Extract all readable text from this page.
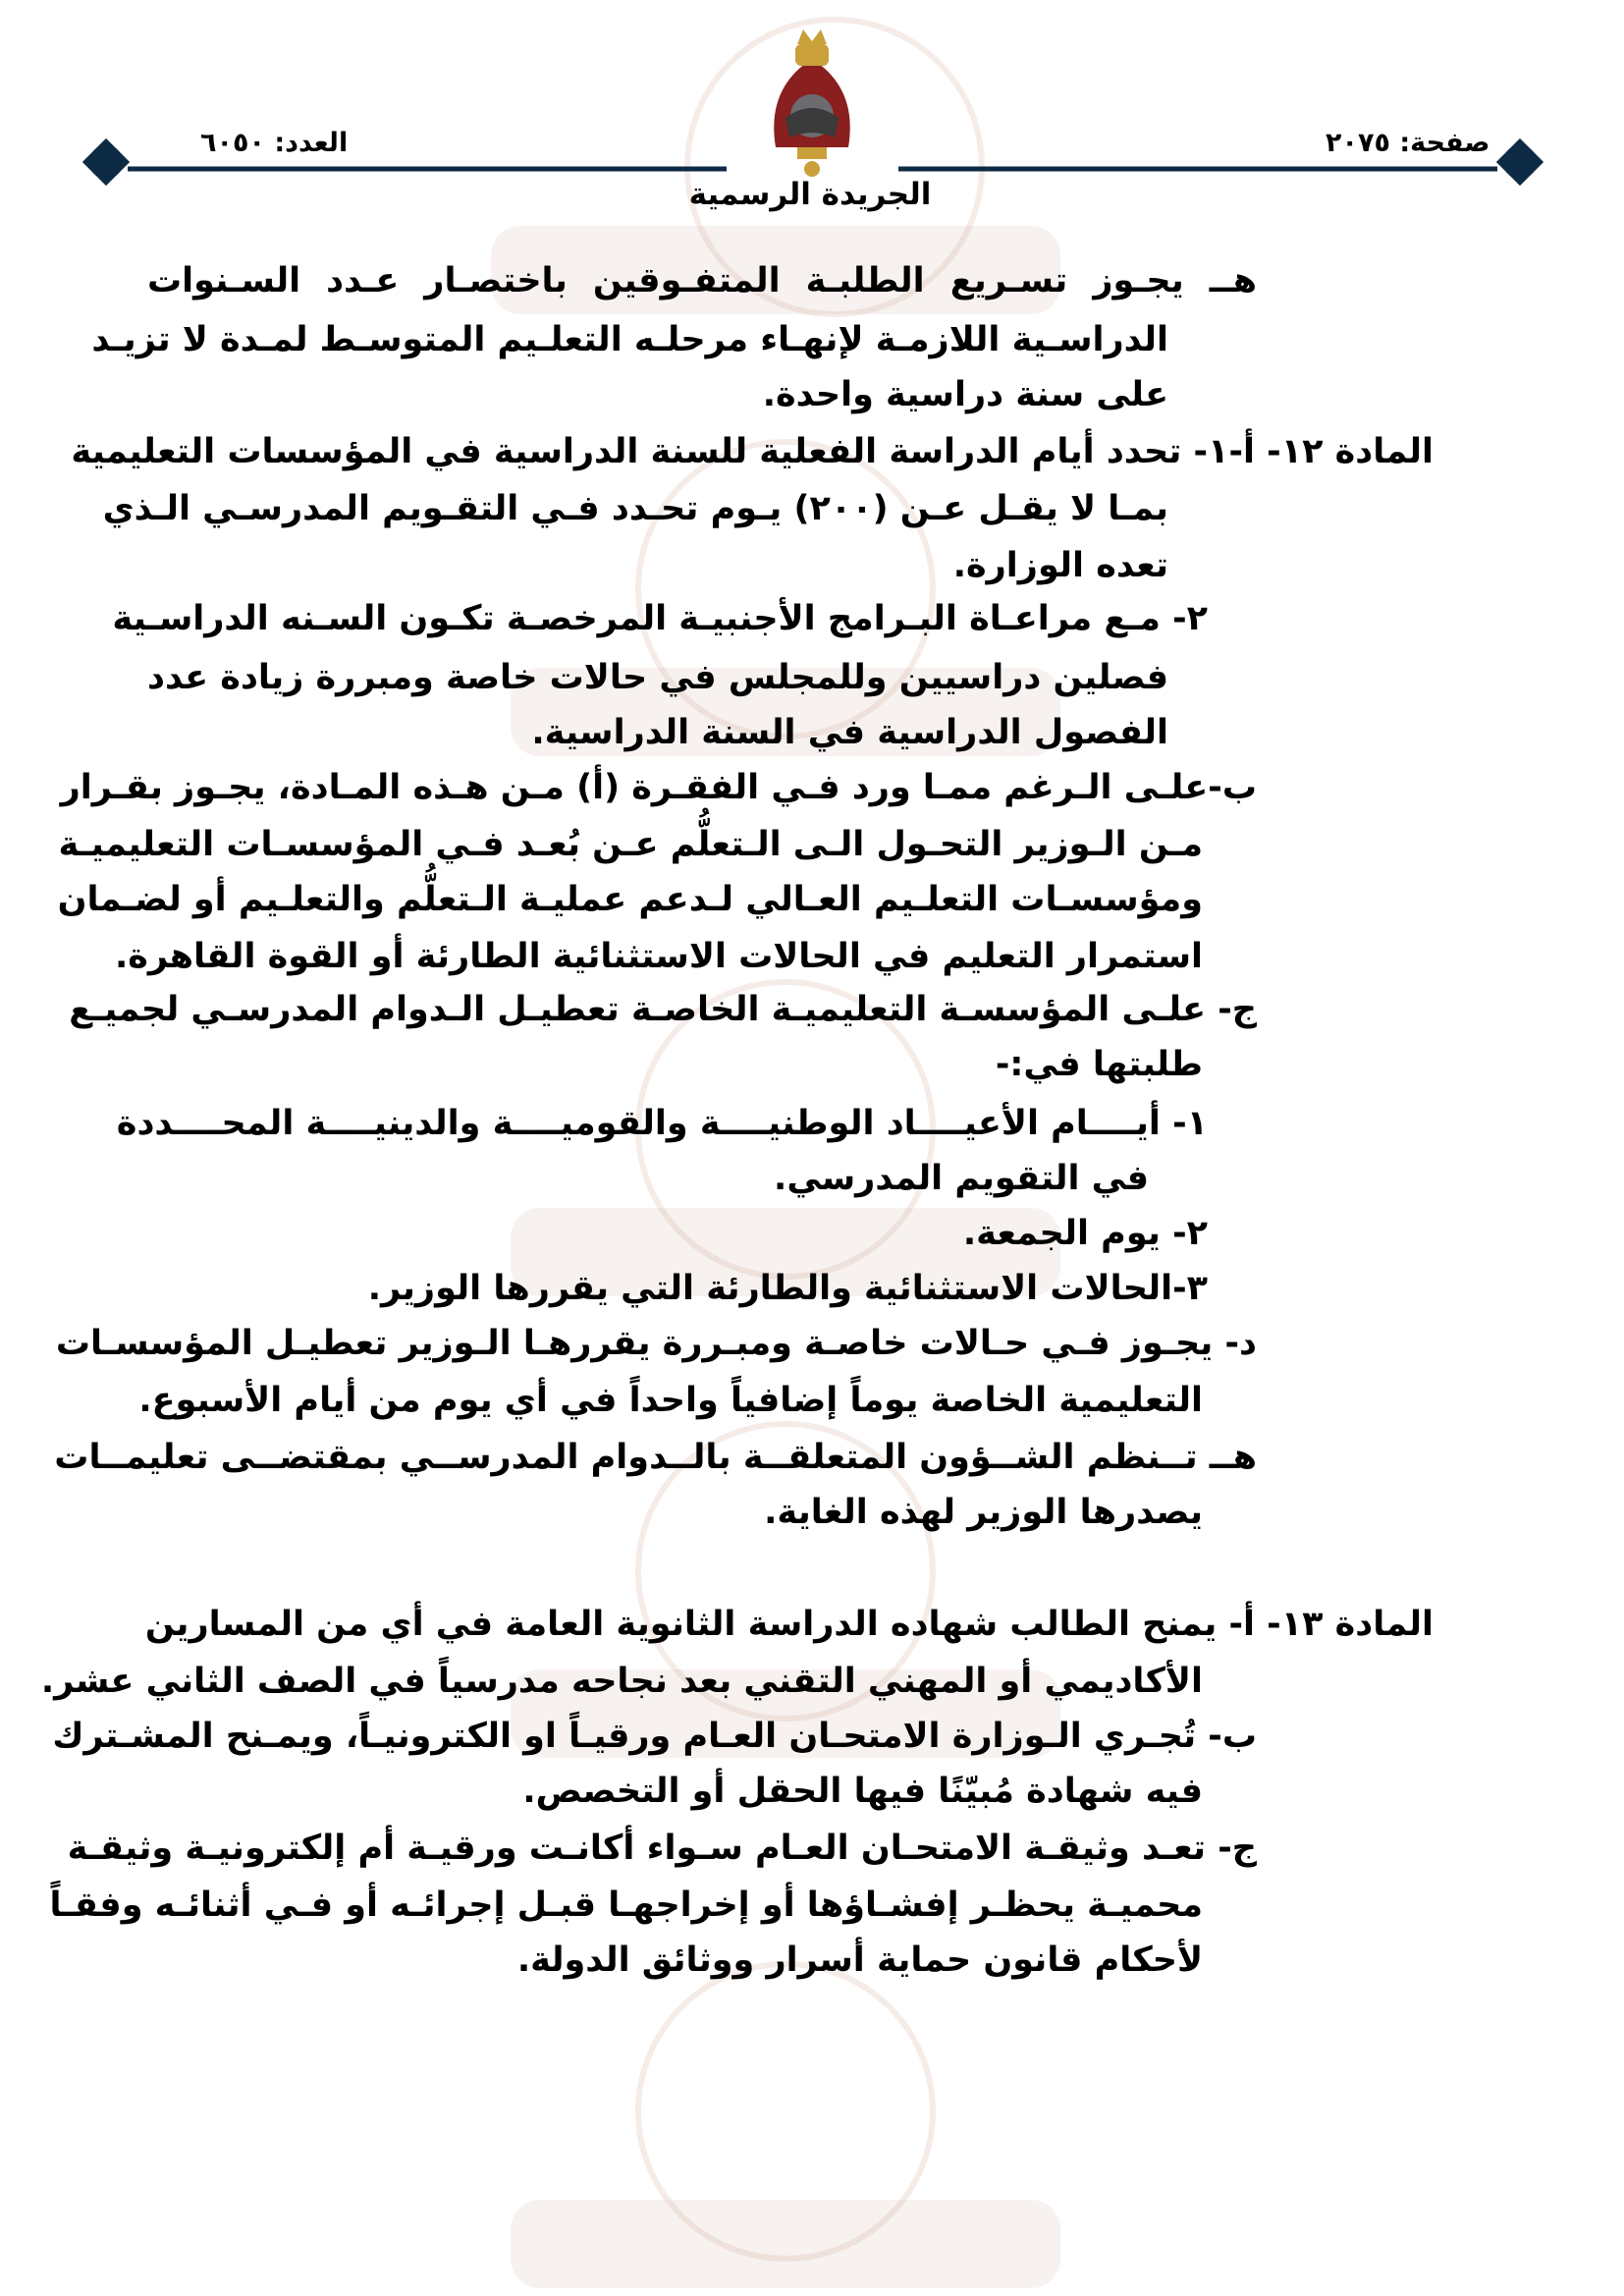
صفحة: ٢٠٧٥
العدد: ٦٠٥٠
الجريدة الرسمية

هــ يجـوز تسـريع الطلبـة المتفـوقين باختصـار عـدد السـنوات

الدراسـية اللازمـة لإنهـاء مرحلـه التعلـيم المتوسـط لمـدة لا تزيـد

على سنة دراسية واحدة.

المادة ١٢- أ-١- تحدد أيام الدراسة الفعلية للسنة الدراسية في المؤسسات التعليمية

بمـا لا يقـل عـن (٢٠٠) يـوم تحـدد فـي التقـويم المدرسـي الـذي

تعده الوزارة.

٢- مـع مراعـاة البـرامج الأجنبيـة المرخصـة تكـون السـنه الدراسـية

فصلين دراسيين وللمجلس في حالات خاصة ومبررة زيادة عدد

الفصول الدراسية في السنة الدراسية.

ب-علـى الـرغم ممـا ورد فـي الفقـرة (أ) مـن هـذه المـادة، يجـوز بقـرار

مـن الـوزير التحـول الـى الـتعلُّم عـن بُعـد فـي المؤسسـات التعليميـة

ومؤسسـات التعلـيم العـالي لـدعم عمليـة الـتعلُّم والتعلـيم أو لضـمان

استمرار التعليم في الحالات الاستثنائية الطارئة أو القوة القاهرة.

ج- علـى المؤسسـة التعليميـة الخاصـة تعطيـل الـدوام المدرسـي لجميـع

طلبتها في:-

١- أيــــام الأعيــــاد الوطنيــــة والقوميــــة والدينيــــة المحــــددة

في التقويم المدرسي.

٢- يوم الجمعة.

٣-الحالات الاستثنائية والطارئة التي يقررها الوزير.

د- يجـوز فـي حـالات خاصـة ومبـررة يقررهـا الـوزير تعطيـل المؤسسـات

التعليمية الخاصة يوماً إضافياً واحداً في أي يوم من أيام الأسبوع.

هــ تــنظم الشــؤون المتعلقــة بالــدوام المدرســي بمقتضــى تعليمــات

يصدرها الوزير لهذه الغاية.

المادة ١٣- أ- يمنح الطالب شهاده الدراسة الثانوية العامة في أي من المسارين

الأكاديمي أو المهني التقني بعد نجاحه مدرسياً في الصف الثاني عشر.

ب- تُجـري الـوزارة الامتحـان العـام ورقيـاً او الكترونيـاً، ويمـنح المشـترك

فيه شهادة مُبيّنًا فيها الحقل أو التخصص.

ج- تعـد وثيقـة الامتحـان العـام سـواء أكانـت ورقيـة أم إلكترونيـة وثيقـة

محميـة يحظـر إفشـاؤها أو إخراجهـا قبـل إجرائـه أو فـي أثنائـه وفقـاً

لأحكام قانون حماية أسرار ووثائق الدولة.
